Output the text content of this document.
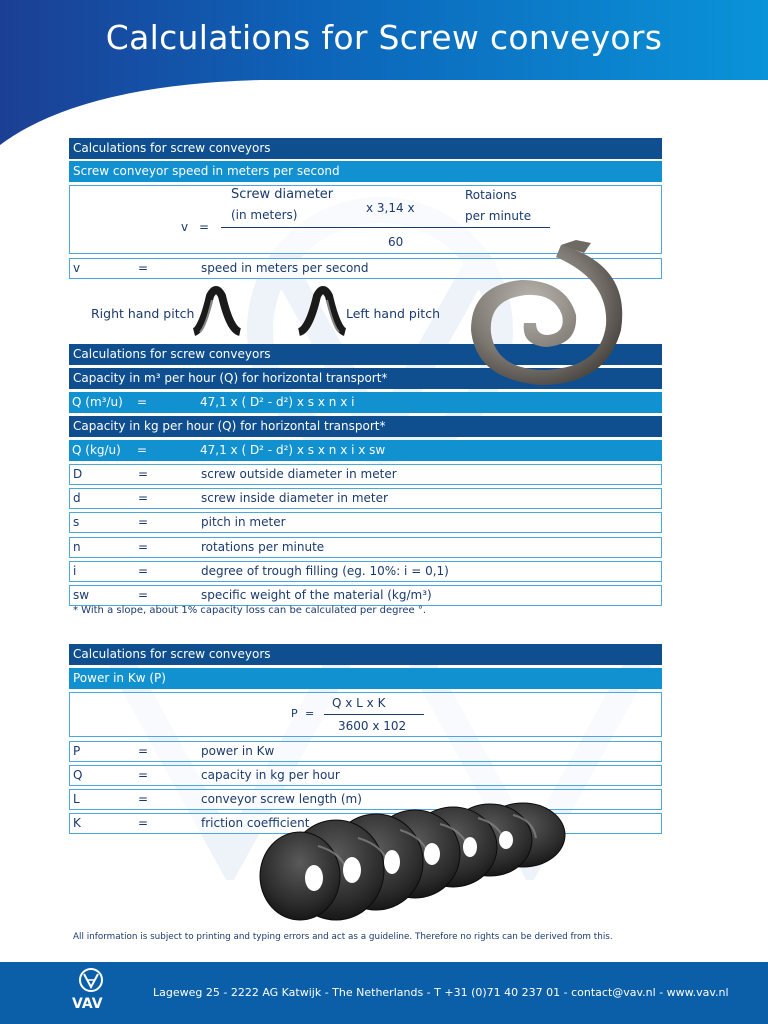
Calculations for Screw conveyors
Calculations for screw conveyors
Screw conveyor speed in meters per second
v =
Screw diameter
(in meters)	x 3,14 x
Rotaions
per minute
60
v	=	speed in meters per second
Right hand pitch	Left hand pitch
Calculations for screw conveyors
Capacity in m³ per hour (Q) for horizontal transport*
Q (m³/u) =	47,1 x ( D² - d²) x s x n x i
Capacity in kg per hour (Q) for horizontal transport*
Q (kg/u) =	47,1 x ( D² - d²) x s x n x i x sw
D	=	screw outside diameter in meter
d	=	screw inside diameter in meter
s	=	pitch in meter
n	=	rotations per minute
i	=	degree of trough filling (eg. 10%: i = 0,1)
sw	=	specific weight of the material (kg/m³)
* With a slope, about 1% capacity loss can be calculated per degree °.
Calculations for screw conveyors
Power in Kw (P)
P =
Q x L x K
3600 x 102
P	=	power in Kw
Q	=	capacity in kg per hour
L	=	conveyor screw length (m)
K	=	friction coefficient
All information is subject to printing and typing errors and act as a guideline. Therefore no rights can be derived from this.
VAV
Lageweg 25 - 2222 AG Katwijk - The Netherlands - T +31 (0)71 40 237 01 - contact@vav.nl - www.vav.nl
